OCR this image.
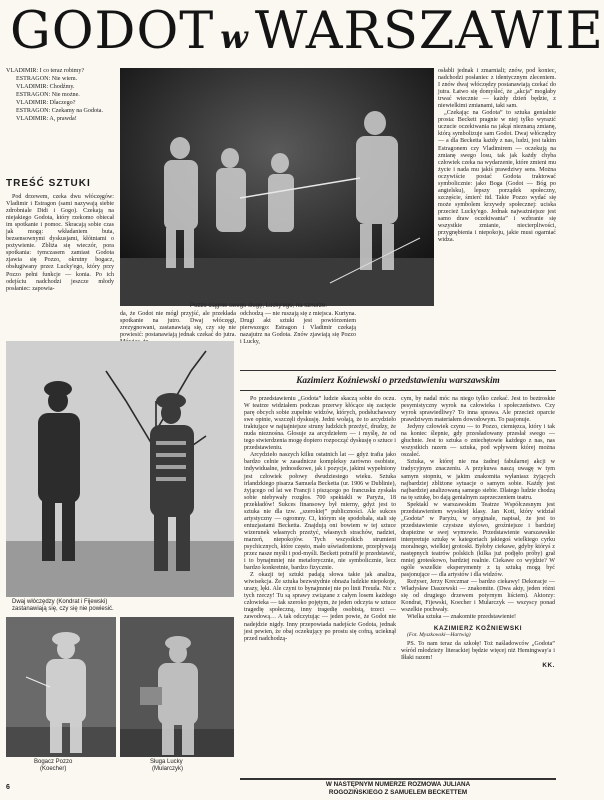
GODOT w WARSZAWIE

VLADIMIR: I co teraz robimy?

ESTRAGON: Nie wiem.

VLADIMIR: Chodźmy.

ESTRAGON: Nie możne.

VLADIMIR: Dlaczego?

ESTRAGON: Czekamy na Godota.

VLADIMIR: A, prawda!

TREŚĆ SZTUKI

Pod drzewem, czeka dwu włóczęgów: Vladimir i Estragon (sami nazywają siebie zdrobniale Didi i Gogo). Czekają na niejakiego Godota, który rzekomo obiecał im spotkanie i pomoc. Skracają sobie czas jak mogą: wkładaniem buta, bezsensownymi dyskusjami, kłótniami o pożywienie. Zbliża się wieczór, pora spotkania: tymczasem zamiast Godota zjawia się Pozzo, okrutny bogacz, obsługiwany przez Lucky'ego, który przy Pozzo pełni funkcje — konia. Po ich odejściu nadchodzi jeszcze młody posłaniec: zapowia-

Pozzo ciągnie swego sługę, Lucky'ego, na sznurze.

osłabli jednak i zmarniali; znów, pod koniec, nadchodzi posłaniec z identycznym zleceniem. I znów dwaj włóczędzy postanawiają czekać do jutra. Łatwo się domyśleć, że „akcja” mogłaby trwać wiecznie — każdy dzień będzie, z niewielkimi zmianami, taki sam.

„Czekając na Godota” to sztuka genialnie prosta: Beckett pragnie w niej tylko wyrazić uczucie oczekiwania na jakąś nieznaną zmianę, którą symbolizuje sam Godot. Dwaj włóczędzy — a dla Becketta każdy z nas, ludzi, jest takim Estragonem czy Vladimirem — oczekują na zmianę swego losu, tak jak każdy chyba człowiek czeka na wydarzenie, które zmieni mu życie i nada mu jakiś prawdziwy sens. Można oczywiście postać Godota traktować symbolicznie: jako Boga (Godot — Bóg po angielsku), lepszy porządek społeczny, szczęście, śmierć itd. Takie Pozzo wydać się może symbolem krzywdy społecznej: uciska przecież Lucky'ego. Jednak najważniejsze jest samo draw oczekiwania” i wzbranie się wszystkie zmianie, niecierpliwości, przygnębienia i niepokoju, jakie musi ogarniać widza.

da, że Godot nie mógł przyjść, ale przekłada spotkanie na jutro. Dwaj włóczęgi, zrezygnowani, zastanawiają się, czy się nie powiesić: postanawiają jednak czekać do jutra.

odchodzą — nie ruszają się z miejsca. Kurtyna. Drugi akt sztuki jest powtórzeniem pierwszego: Estragon i Vladimir czekają nazajutrz na Godota. Znów zjawiają się Pozzo i Lucky,

Dwaj włóczędzy (Kondrat i Fijewski)
zastanawiają się, czy się nie powiesić.
Bogacz Pozzo
(Koecher)
Sługa Lucky
(Mularczyk)
Kazimierz Koźniewski o przedstawieniu warszawskim

Po przedstawieniu „Godota” ludzie skaczą sobie do oczu. W teatrze widziałem podczas przerwy kłócące się zacięcie parę obcych sobie zupełnie widzów, których, podsłuchawszy swe opinie, wszczęli dyskusję. Jedni wołają, że to arcydzieło traktujące w najtajniejsze struny ludzkich przeżyć, drudzy, że nuda nieznośna. Głosuje za arcydziełem — i myślę, że od tego stwierdzenia mogę dopiero rozpocząć dyskusję o sztuce i przedstawieniu.

Arcydzieło naszych kilku ostatnich lat — gdyż trafia jako bardzo celnie w zasadnicze kompleksy zarówno osobiste, indywidualne, jednostkowe, jak i pozycje, jakimi wypełniony jest człowiek połowy dwudziestego wieku. Sztuka irlandzkiego pisarza Samuela Becketta (ur. 1906 w Dublinie), żyjącego od lat we Francji i piszącego po francusku zyskała sobie niebywały rozgłos. 700 spektakli w Paryżu, 18 przekładów! Sukces finansowy był mierny, gdyż jest to sztuka nie dla tzw. „szerokiej” publiczności. Ale sukces artystyczny — ogromny. Ci, którym się spodobała, stali się entuzjastami Becketta. Znajdują oni bowiem w tej sztuce wizerunek własnych przeżyć, własnych strachów, nadziei, marzeń, niepokojów. Tych wszystkich strumieni psychicznych, które często, mało uświadomione, przepływają przez nasze myśli i pod-myśli. Beckett potrafił je przedstawić, i to bynajmniej nie metaforycznie, nie symbolicznie, lecz bardzo konkretnie, bardzo fizycznie.

Z okazji tej sztuki padają słowa takie jak analiza, wiwisekcja. Że sztuka bezwstydnie obnaża ludzkie niepokoje, urazy, lęki. Ale czyni to bynajmniej nie po linii Freuda. Nic z tych rzeczy! Tu są sprawy związane z całym losem każdego człowieka — tak szeroko pojętym, że jeden odczyta w sztuce tragedię społeczną, inny tragedię osobistą, trzeci — zawodową… A tak odczytując — jeden powie, że Godot nie nadejdzie nigdy. Inny przepowiada nadejście Godota, jednak jest pewien, że obaj oczekujący po prostu się cofną, ucieknął przed nadchodzą-

cym, by nadal móc na niego tylko czekać. Jest to beztroskie pesymistyczny wyrok na człowieka i społeczeństwo. Czy wyrok sprawiedliwy? To inna sprawa. Ale przecież oparcie prawdziwym materiałem dowodowym. To pasjonuje.

Jedyny człowiek czynu — to Pozzo, ciemięzca, który i tak na koniec ślepnie, gdy przesładowany przesłał swego — głuchnie. Jest to sztuka o zniechętowie każdego z nas, nas wszystkich razem — sztuka, pod wpływem której można oszaleć.

Sztuka, w której nie ma żadnej fabularnej akcji w tradycyjnym znaczeniu. A przykuwa naszą uwagę w tym samym stopniu, w jakim znakomita wyłaniasz żyjących najbardziej zbliżone sytuacje o samym sobie. Każdy jest najbardziej analizowaną samego siebie. Dlatego ludzie chodzą na tę sztukę, bo dają genialnym zaprzeczeniem teatru.

Spektakl w warszawskim Teatrze Współczesnym jest przedstawieniem wysokiej klasy. Jan Kott, który widział „Godota” w Paryżu, w oryginale, napisał, że jest to przedstawienie czystsze stylowo, groźniejsze i bardziej drapieżne w swej wymowie. Przedstawienie warszawskie interpretuje sztukę w kategoriach jakiegoś wielkiego cyrku moralnego, wielkiej grotoski. Byłoby ciekawe, gdyby któryś z następnych teatrów polskich (kilka już podjęło próby) grał mniej groteskowo, bardziej realnie. Ciekawe co wyjdzie? W ogóle wszelkie eksperymenty z tą sztuką mogą być pasjonujące — dla artystów i dla widzów.

Reżyser, Jerzy Kreczmar — bardzo ciekawy! Dekoracje — Władysław Daszewski — znakomite. (Dwa akty, jeden różni się od drugiego drzewem potyrnym liściem). Aktorzy: Kondrat, Fijewski, Koecher i Mularczyk — wszyscy ponad wszelkie pochwały.

Wielka sztuka — znakomite przedstawienie!

KAZIMIERZ KOŹNIEWSKI
(Fot. Myszkowski—Hartwig)

PS. To nam teraz da szkołę! Toż naśladowców „Godota” wśród młodzieży literackiej będzie więcej niż Hemingway'a i Iłłaki razem!

KK.
6	W NASTĘPNYM NUMERZE ROZMOWA JULIANA
ROGOZIŃSKIEGO Z SAMUELEM BECKETTEM
